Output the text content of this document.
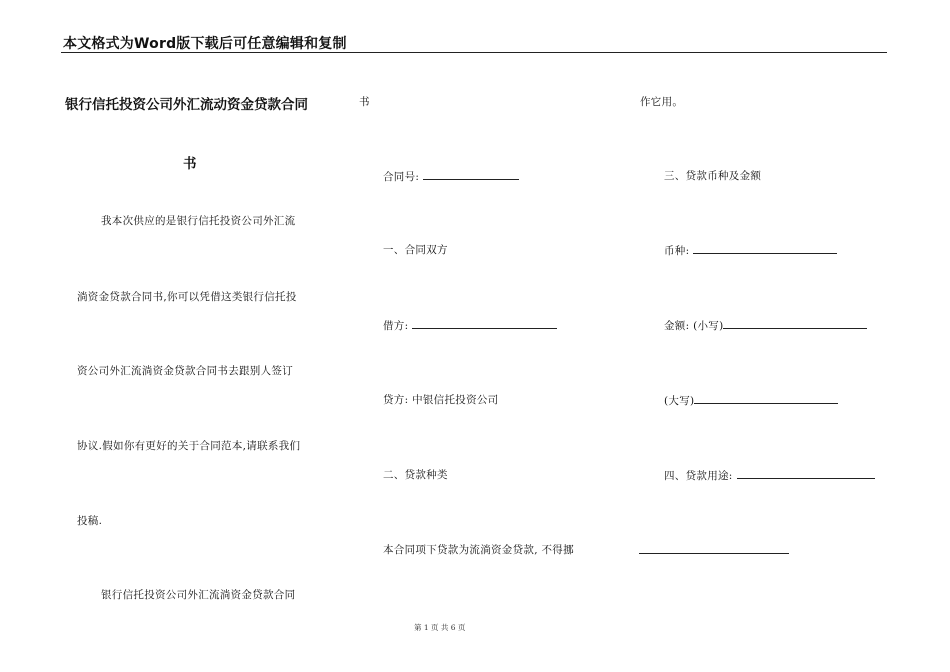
本文格式为Word版下载后可任意编辑和复制
银行信托投资公司外汇流动资金贷款合同
书
我本次供应的是银行信托投资公司外汇流
淌资金贷款合同书,你可以凭借这类银行信托投
资公司外汇流淌资金贷款合同书去跟别人签订
协议.假如你有更好的关于合同范本,请联系我们
投稿.
银行信托投资公司外汇流淌资金贷款合同
书
合同号:
一、合同双方
借方:
贷方: 中银信托投资公司
二、贷款种类
本合同项下贷款为流淌资金贷款, 不得挪
作它用。
三、贷款币种及金额
币种:
金额: (小写)
(大写)
四、贷款用途:
第 1 页 共 6 页
